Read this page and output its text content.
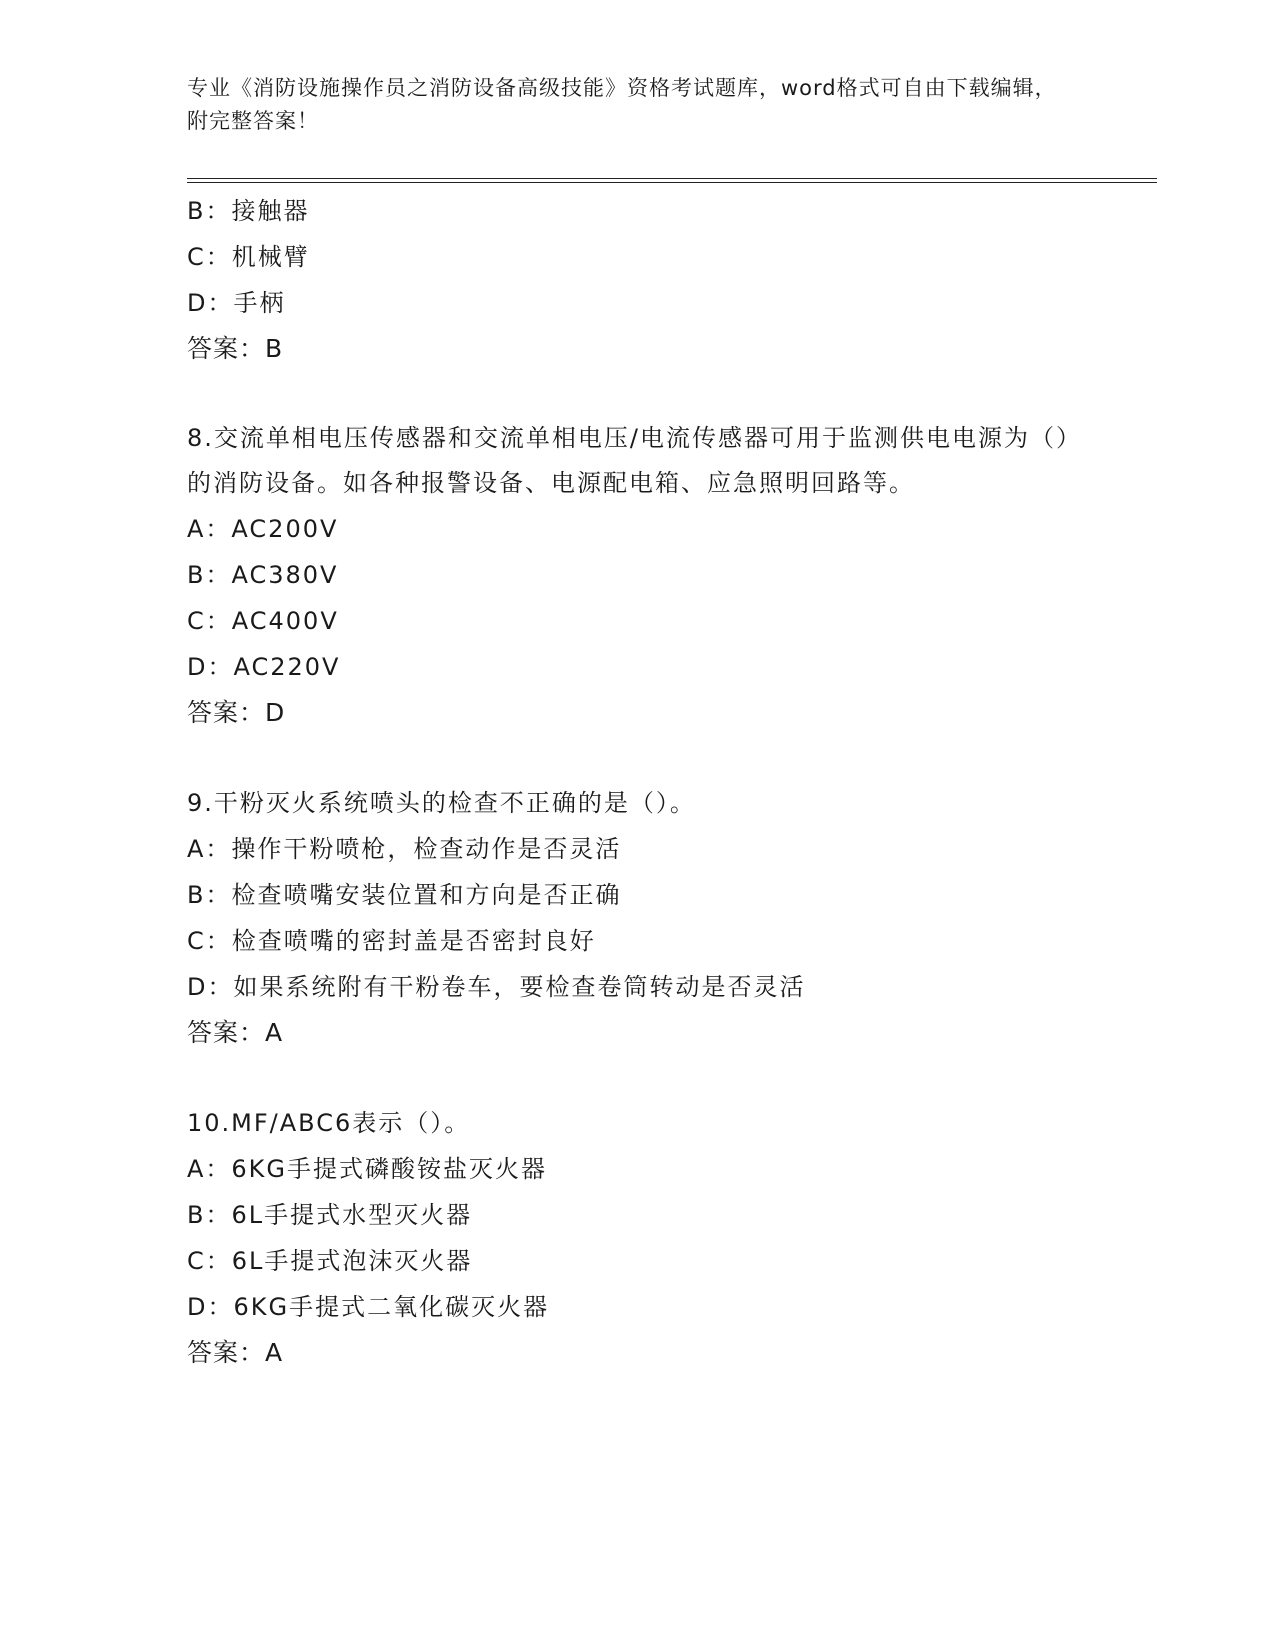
专业《消防设施操作员之消防设备高级技能》资格考试题库，word格式可自由下载编辑，附完整答案！
B：接触器
C：机械臂
D：手柄
答案：B
8.交流单相电压传感器和交流单相电压/电流传感器可用于监测供电电源为（）的消防设备。如各种报警设备、电源配电箱、应急照明回路等。
A：AC200V
B：AC380V
C：AC400V
D：AC220V
答案：D
9.干粉灭火系统喷头的检查不正确的是（）。
A：操作干粉喷枪，检查动作是否灵活
B：检查喷嘴安装位置和方向是否正确
C：检查喷嘴的密封盖是否密封良好
D：如果系统附有干粉卷车，要检查卷筒转动是否灵活
答案：A
10.MF/ABC6表示（）。
A：6KG手提式磷酸铵盐灭火器
B：6L手提式水型灭火器
C：6L手提式泡沫灭火器
D：6KG手提式二氧化碳灭火器
答案：A
